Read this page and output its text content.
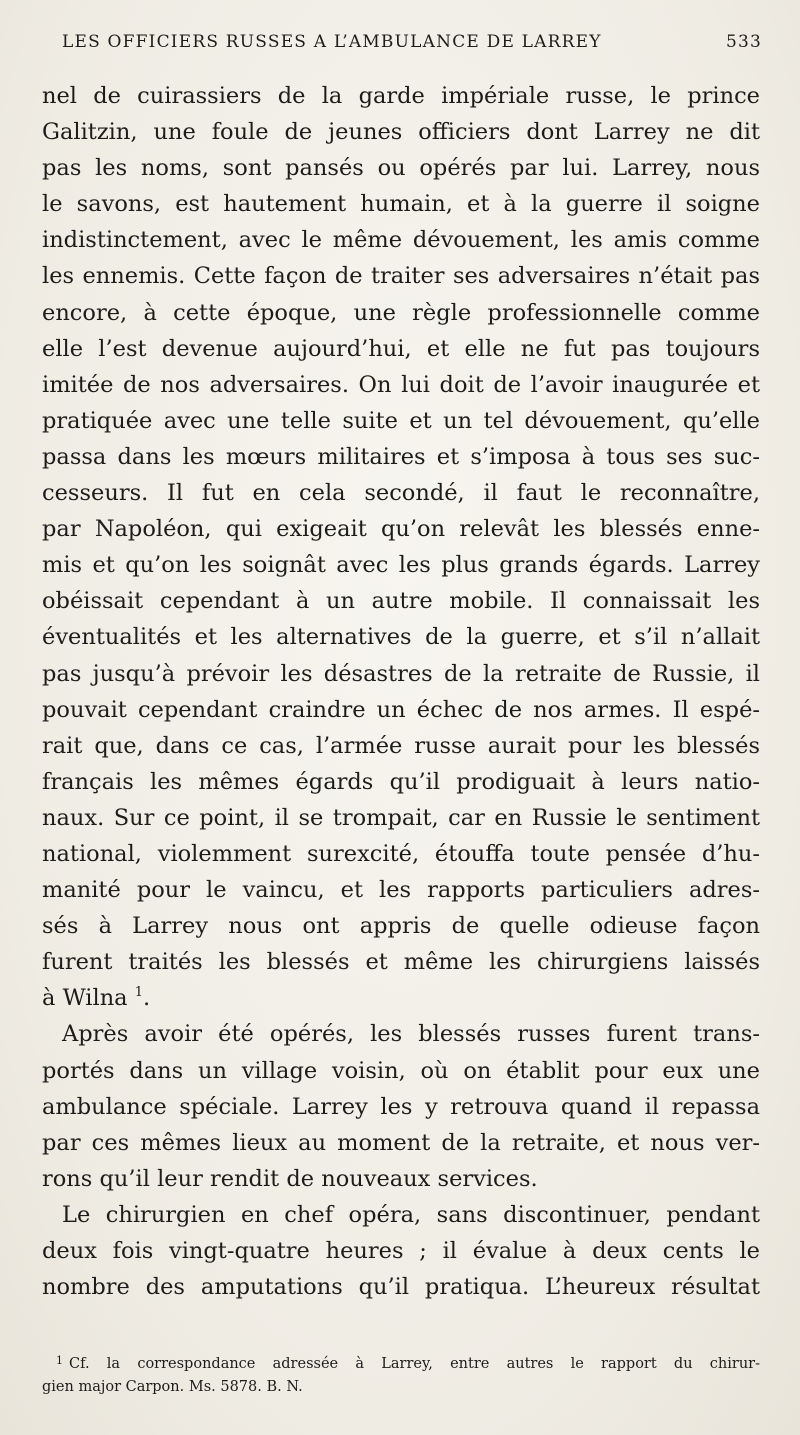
LES OFFICIERS RUSSES A L’AMBULANCE DE LARREY	533
nel de cuirassiers de la garde impériale russe, le prince
Galitzin, une foule de jeunes officiers dont Larrey ne dit
pas les noms, sont pansés ou opérés par lui. Larrey, nous
le savons, est hautement humain, et à la guerre il soigne
indistinctement, avec le même dévouement, les amis comme
les ennemis. Cette façon de traiter ses adversaires n’était pas
encore, à cette époque, une règle professionnelle comme
elle l’est devenue aujourd’hui, et elle ne fut pas toujours
imitée de nos adversaires. On lui doit de l’avoir inaugurée et
pratiquée avec une telle suite et un tel dévouement, qu’elle
passa dans les mœurs militaires et s’imposa à tous ses suc-
cesseurs. Il fut en cela secondé, il faut le reconnaître,
par Napoléon, qui exigeait qu’on relevât les blessés enne-
mis et qu’on les soignât avec les plus grands égards. Larrey
obéissait cependant à un autre mobile. Il connaissait les
éventualités et les alternatives de la guerre, et s’il n’allait
pas jusqu’à prévoir les désastres de la retraite de Russie, il
pouvait cependant craindre un échec de nos armes. Il espé-
rait que, dans ce cas, l’armée russe aurait pour les blessés
français les mêmes égards qu’il prodiguait à leurs natio-
naux. Sur ce point, il se trompait, car en Russie le sentiment
national, violemment surexcité, étouffa toute pensée d’hu-
manité pour le vaincu, et les rapports particuliers adres-
sés à Larrey nous ont appris de quelle odieuse façon
furent traités les blessés et même les chirurgiens laissés
à Wilna $^1$.
Après avoir été opérés, les blessés russes furent trans-
portés dans un village voisin, où on établit pour eux une
ambulance spéciale. Larrey les y retrouva quand il repassa
par ces mêmes lieux au moment de la retraite, et nous ver-
rons qu’il leur rendit de nouveaux services.
Le chirurgien en chef opéra, sans discontinuer, pendant
deux fois vingt-quatre heures ; il évalue à deux cents le
nombre des amputations qu’il pratiqua. L’heureux résultat
$^1$ Cf. la correspondance adressée à Larrey, entre autres le rapport du chirur-
gien major Carpon. Ms. 5878. B. N.
